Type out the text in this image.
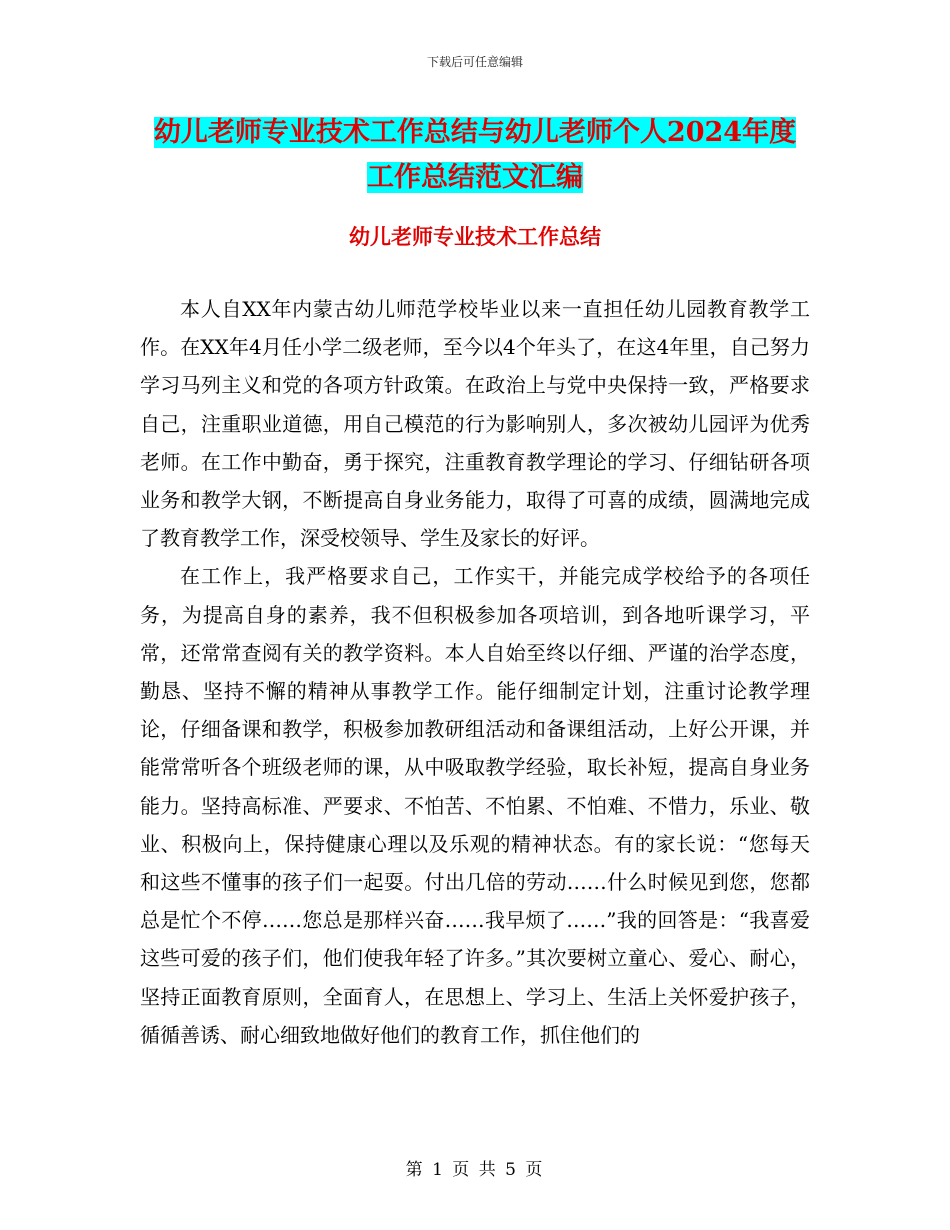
下载后可任意编辑
幼儿老师专业技术工作总结与幼儿老师个人2024年度
工作总结范文汇编
幼儿老师专业技术工作总结

本人自XX年内蒙古幼儿师范学校毕业以来一直担任幼儿园教育教学工作。在XX年4月任小学二级老师，至今以4个年头了，在这4年里，自己努力学习马列主义和党的各项方针政策。在政治上与党中央保持一致，严格要求自己，注重职业道德，用自己模范的行为影响别人，多次被幼儿园评为优秀老师。在工作中勤奋，勇于探究，注重教育教学理论的学习、仔细钻研各项业务和教学大钢，不断提高自身业务能力，取得了可喜的成绩，圆满地完成了教育教学工作，深受校领导、学生及家长的好评。

在工作上，我严格要求自己，工作实干，并能完成学校给予的各项任务，为提高自身的素养，我不但积极参加各项培训，到各地听课学习，平常，还常常查阅有关的教学资料。本人自始至终以仔细、严谨的治学态度，勤恳、坚持不懈的精神从事教学工作。能仔细制定计划，注重讨论教学理论，仔细备课和教学，积极参加教研组活动和备课组活动，上好公开课，并能常常听各个班级老师的课，从中吸取教学经验，取长补短，提高自身业务能力。坚持高标准、严要求、不怕苦、不怕累、不怕难、不惜力，乐业、敬业、积极向上，保持健康心理以及乐观的精神状态。有的家长说：“您每天和这些不懂事的孩子们一起耍。付出几倍的劳动……什么时候见到您，您都总是忙个不停……您总是那样兴奋……我早烦了……”我的回答是：“我喜爱这些可爱的孩子们，他们使我年轻了许多。”其次要树立童心、爱心、耐心，坚持正面教育原则，全面育人，在思想上、学习上、生活上关怀爱护孩子，循循善诱、耐心细致地做好他们的教育工作，抓住他们的

第 1 页 共 5 页
